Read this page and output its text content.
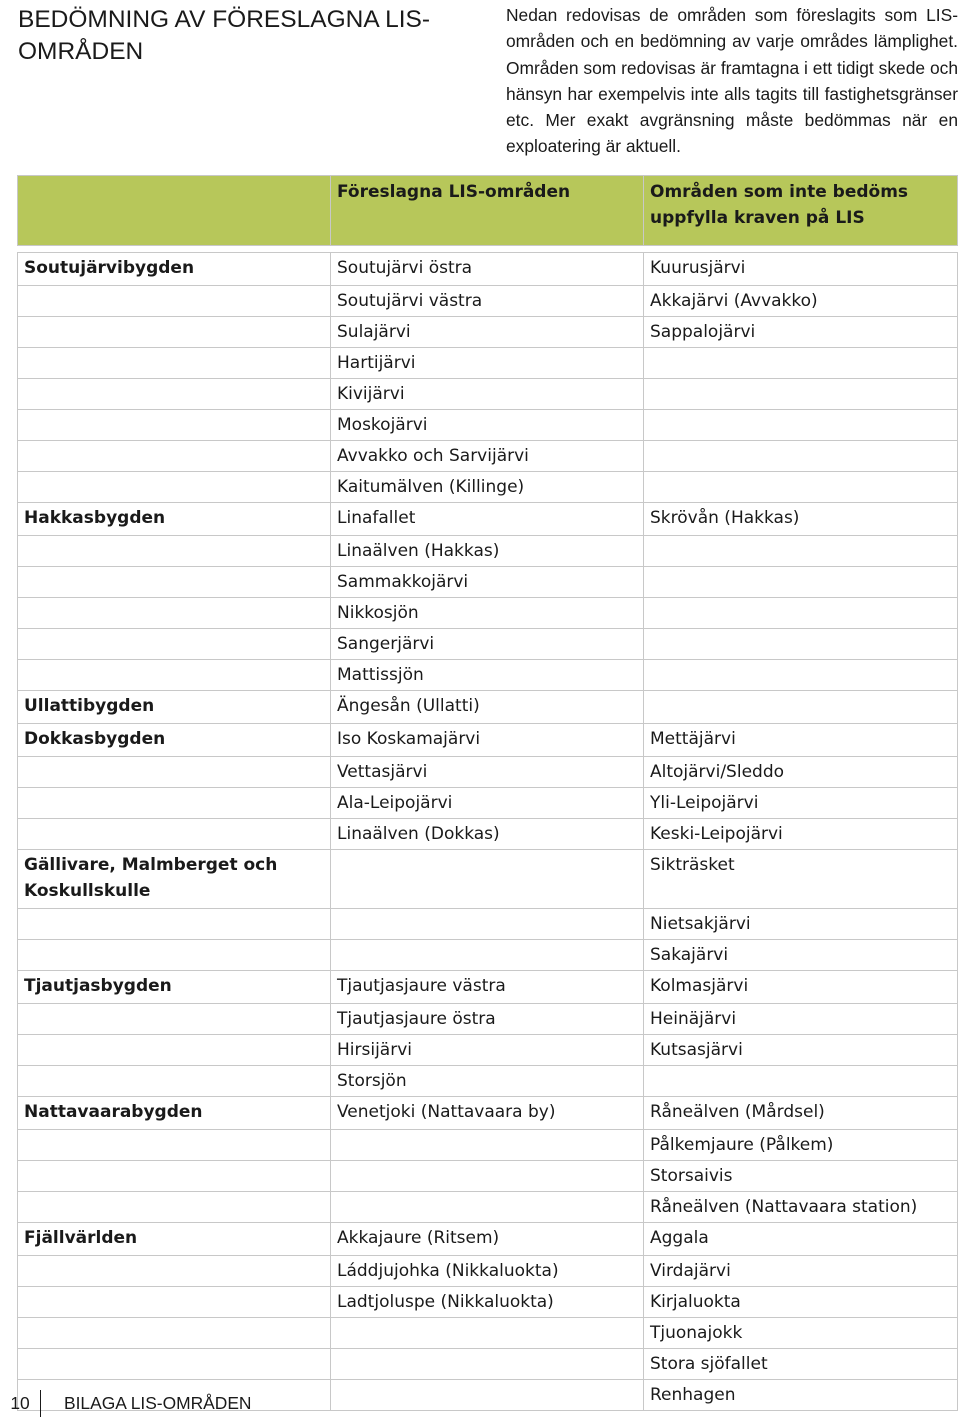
BEDÖMNING AV FÖRESLAGNA LIS-OMRÅDEN

Nedan redovisas de områden som föreslagits som LIS-områden och en bedömning av varje områdes lämplighet. Områden som redovisas är framtagna i ett tidigt skede och hänsyn har exempelvis inte alls tagits till fastighetsgränser etc. Mer exakt avgränsning måste bedömmas när en exploatering är aktuell.

	Föreslagna LIS-områden	Områden som inte bedöms uppfylla kraven på LIS

Soutujärvibygden	Soutujärvi östra	Kuurusjärvi
	Soutujärvi västra	Akkajärvi (Avvakko)
	Sulajärvi	Sappalojärvi
	Hartijärvi	
	Kivijärvi	
	Moskojärvi	
	Avvakko och Sarvijärvi	
	Kaitumälven (Killinge)	
Hakkasbygden	Linafallet	Skrövån (Hakkas)
	Linaälven (Hakkas)	
	Sammakkojärvi	
	Nikkosjön	
	Sangerjärvi	
	Mattissjön	
Ullattibygden	Ängesån (Ullatti)	
Dokkasbygden	Iso Koskamajärvi	Mettäjärvi
	Vettasjärvi	Altojärvi/Sleddo
	Ala-Leipojärvi	Yli-Leipojärvi
	Linaälven (Dokkas)	Keski-Leipojärvi
Gällivare, Malmberget och Koskullskulle		Sikträsket
		Nietsakjärvi
		Sakajärvi
Tjautjasbygden	Tjautjasjaure västra	Kolmasjärvi
	Tjautjasjaure östra	Heinäjärvi
	Hirsijärvi	Kutsasjärvi
	Storsjön	
Nattavaarabygden	Venetjoki (Nattavaara by)	Råneälven (Mårdsel)
		Pålkemjaure (Pålkem)
		Storsaivis
		Råneälven (Nattavaara station)
Fjällvärlden	Akkajaure (Ritsem)	Aggala
	Láddjujohka (Nikkaluokta)	Virdajärvi
	Ladtjoluspe (Nikkaluokta)	Kirjaluokta
		Tjuonajokk
		Stora sjöfallet
		Renhagen
10	BILAGA LIS-OMRÅDEN
